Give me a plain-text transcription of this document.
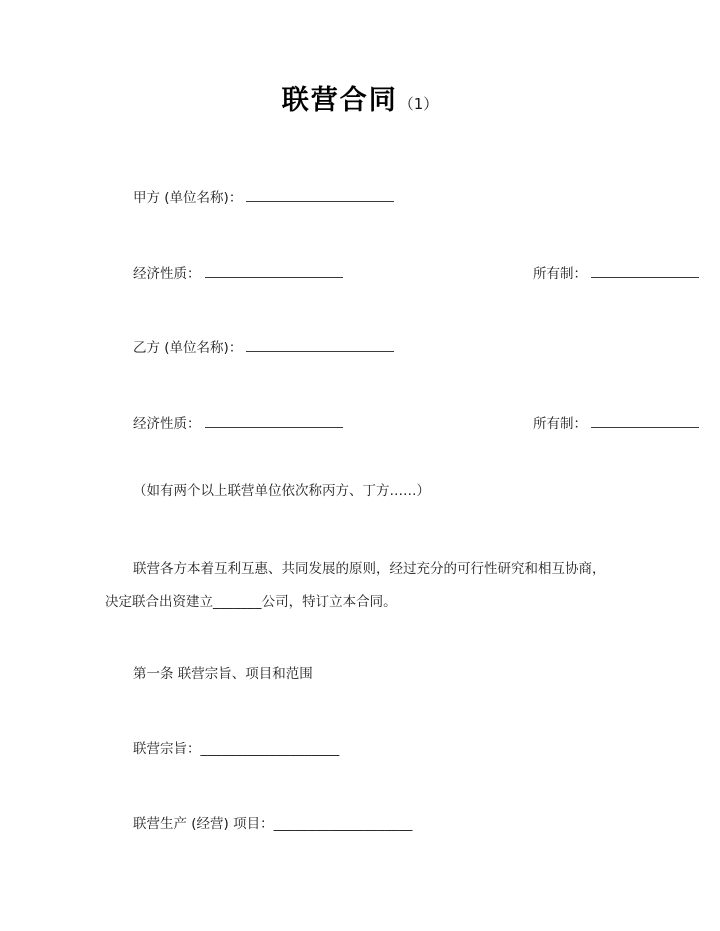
联营合同（1）
甲方 (单位名称)：
经济性质：	所有制：
乙方 (单位名称)：
经济性质：	所有制：
（如有两个以上联营单位依次称丙方、丁方……）
联营各方本着互利互惠、共同发展的原则，经过充分的可行性研究和相互协商，
决定联合出资建立_______公司，特订立本合同。
第一条 联营宗旨、项目和范围
联营宗旨：____________________
联营生产 (经营) 项目：____________________
